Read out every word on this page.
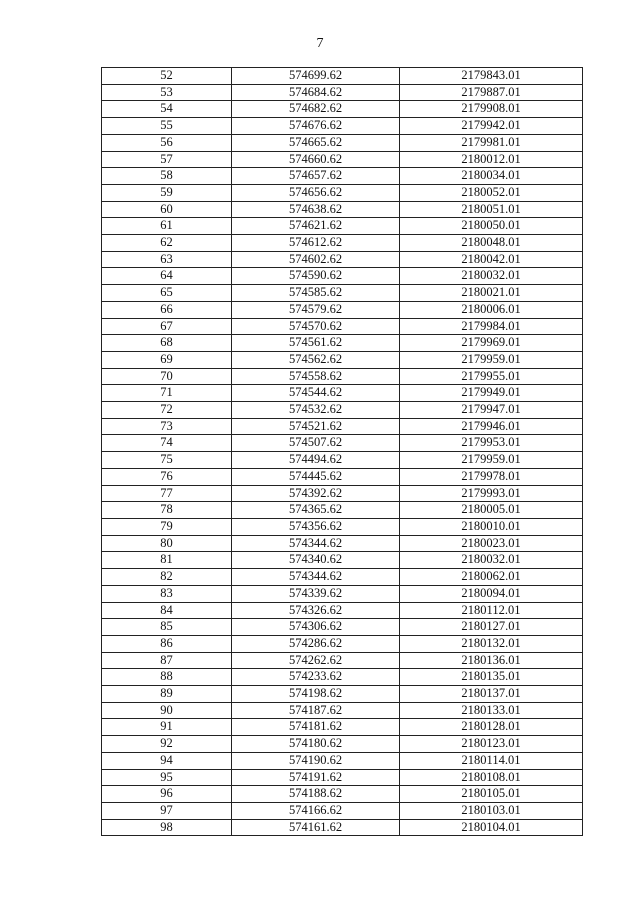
7
52	574699.62	2179843.01
53	574684.62	2179887.01
54	574682.62	2179908.01
55	574676.62	2179942.01
56	574665.62	2179981.01
57	574660.62	2180012.01
58	574657.62	2180034.01
59	574656.62	2180052.01
60	574638.62	2180051.01
61	574621.62	2180050.01
62	574612.62	2180048.01
63	574602.62	2180042.01
64	574590.62	2180032.01
65	574585.62	2180021.01
66	574579.62	2180006.01
67	574570.62	2179984.01
68	574561.62	2179969.01
69	574562.62	2179959.01
70	574558.62	2179955.01
71	574544.62	2179949.01
72	574532.62	2179947.01
73	574521.62	2179946.01
74	574507.62	2179953.01
75	574494.62	2179959.01
76	574445.62	2179978.01
77	574392.62	2179993.01
78	574365.62	2180005.01
79	574356.62	2180010.01
80	574344.62	2180023.01
81	574340.62	2180032.01
82	574344.62	2180062.01
83	574339.62	2180094.01
84	574326.62	2180112.01
85	574306.62	2180127.01
86	574286.62	2180132.01
87	574262.62	2180136.01
88	574233.62	2180135.01
89	574198.62	2180137.01
90	574187.62	2180133.01
91	574181.62	2180128.01
92	574180.62	2180123.01
94	574190.62	2180114.01
95	574191.62	2180108.01
96	574188.62	2180105.01
97	574166.62	2180103.01
98	574161.62	2180104.01
